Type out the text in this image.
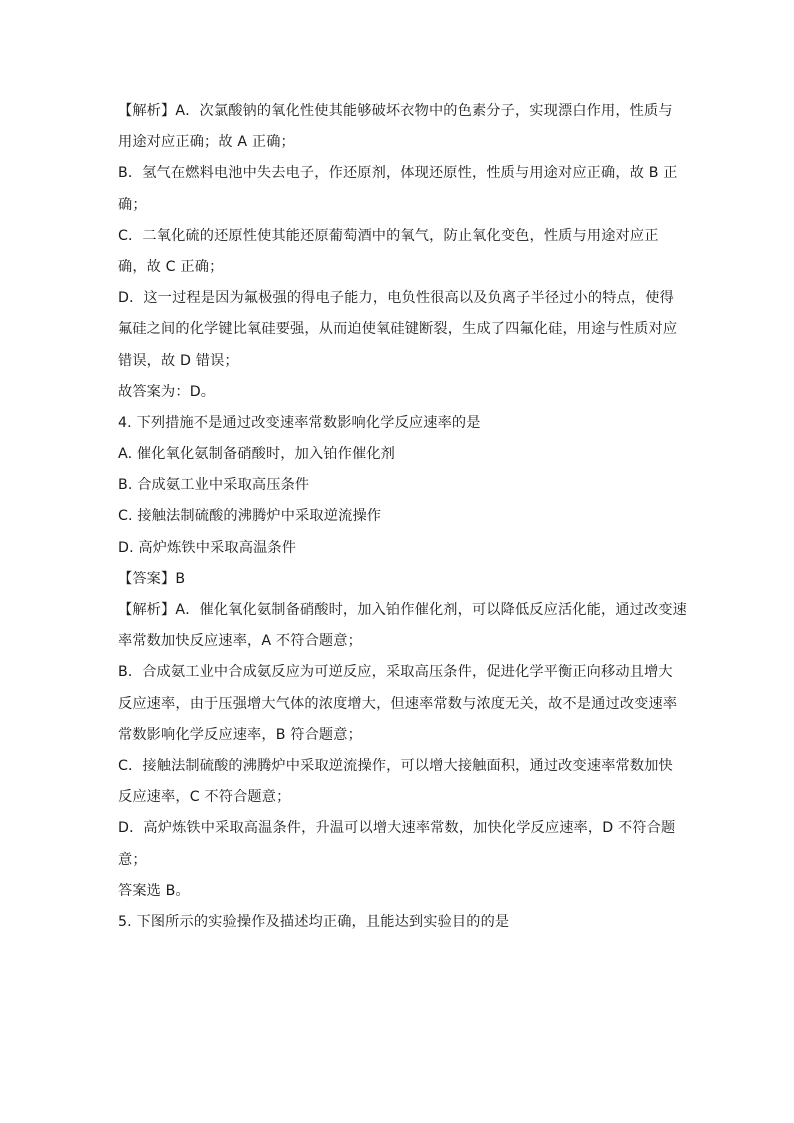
【解析】A．次氯酸钠的氧化性使其能够破坏衣物中的色素分子，实现漂白作用，性质与
用途对应正确；故 A 正确；
B．氢气在燃料电池中失去电子，作还原剂，体现还原性，性质与用途对应正确，故 B 正
确；
C．二氧化硫的还原性使其能还原葡萄酒中的氧气，防止氧化变色，性质与用途对应正
确，故 C 正确；
D．这一过程是因为氟极强的得电子能力，电负性很高以及负离子半径过小的特点，使得
氟硅之间的化学键比氧硅要强，从而迫使氧硅键断裂，生成了四氟化硅，用途与性质对应
错误，故 D 错误；
故答案为：D。
4. 下列措施不是通过改变速率常数影响化学反应速率的是
A. 催化氧化氨制备硝酸时，加入铂作催化剂
B. 合成氨工业中采取高压条件
C. 接触法制硫酸的沸腾炉中采取逆流操作
D. 高炉炼铁中采取高温条件
【答案】B
【解析】A．催化氧化氨制备硝酸时，加入铂作催化剂，可以降低反应活化能，通过改变速
率常数加快反应速率，A 不符合题意；
B．合成氨工业中合成氨反应为可逆反应，采取高压条件，促进化学平衡正向移动且增大
反应速率，由于压强增大气体的浓度增大，但速率常数与浓度无关，故不是通过改变速率
常数影响化学反应速率，B 符合题意；
C．接触法制硫酸的沸腾炉中采取逆流操作，可以增大接触面积，通过改变速率常数加快
反应速率，C 不符合题意；
D．高炉炼铁中采取高温条件，升温可以增大速率常数，加快化学反应速率，D 不符合题
意；
答案选 B。
5. 下图所示的实验操作及描述均正确，且能达到实验目的的是
